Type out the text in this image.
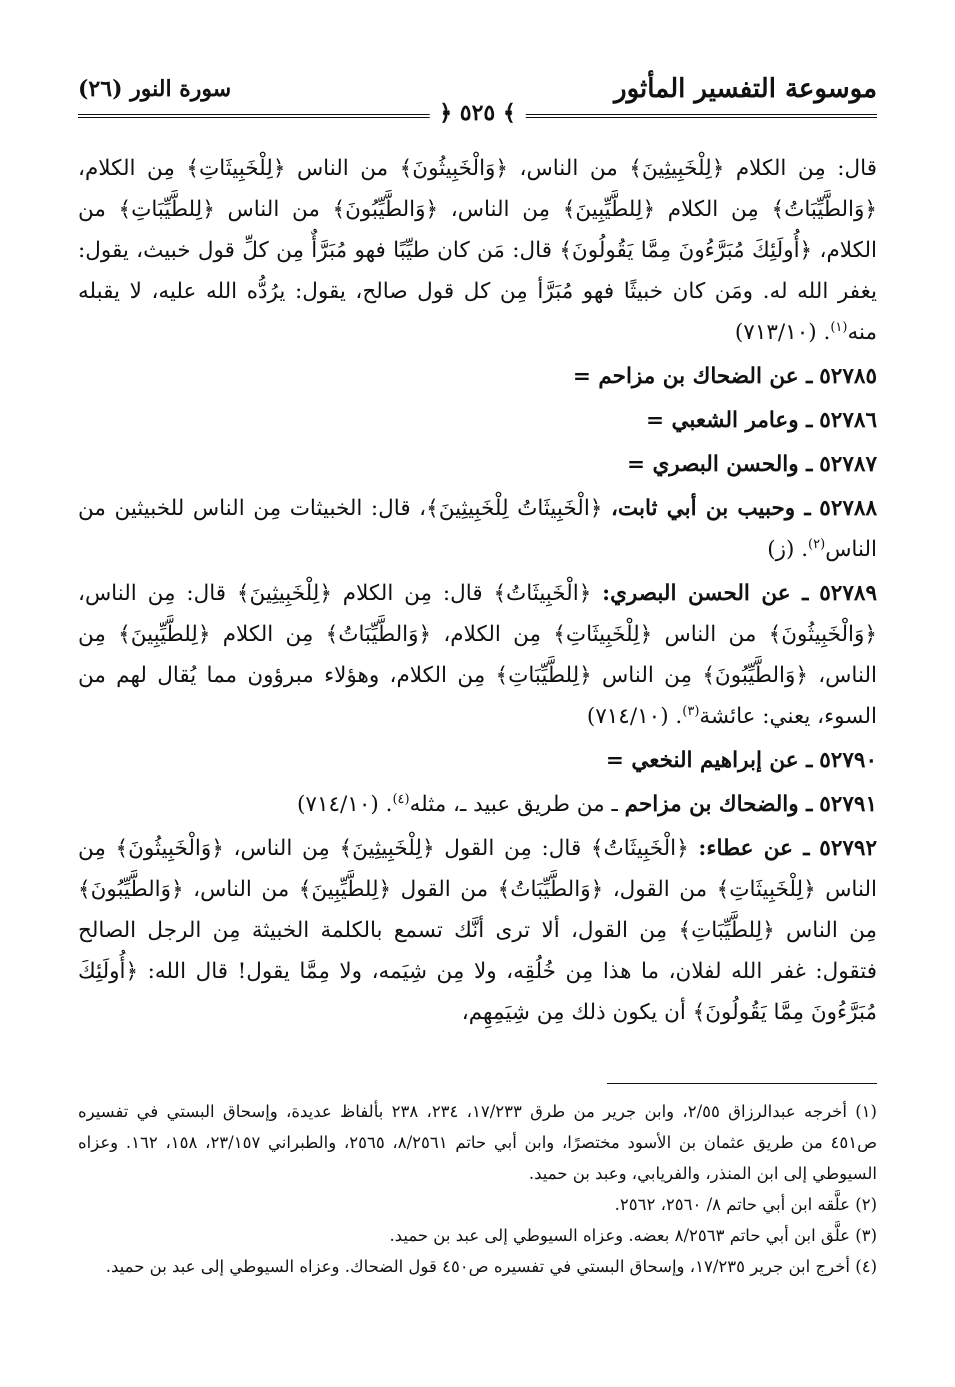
موسوعة التفسير المأثور
سورة النور (٢٦)
﴾ ٥٢٥ ﴿

قال: مِن الكلام ﴿لِلْخَبِيثِينَ﴾ من الناس، ﴿وَالْخَبِيثُونَ﴾ من الناس ﴿لِلْخَبِيثَاتِ﴾ مِن الكلام، ﴿وَالطَّيِّبَاتُ﴾ مِن الكلام ﴿لِلطَّيِّبِينَ﴾ مِن الناس، ﴿وَالطَّيِّبُونَ﴾ من الناس ﴿لِلطَّيِّبَاتِ﴾ من الكلام، ﴿أُولَئِكَ مُبَرَّءُونَ مِمَّا يَقُولُونَ﴾ قال: مَن كان طيِّبًا فهو مُبَرَّأٌ مِن كلِّ قول خبيث، يقول: يغفر الله له. ومَن كان خبيثًا فهو مُبَرَّأ مِن كل قول صالح، يقول: يرُدُّه الله عليه، لا يقبله منه$^{(١)}$. (٧١٣/١٠)

٥٢٧٨٥ ـ عن الضحاك بن مزاحم =

٥٢٧٨٦ ـ وعامر الشعبي =

٥٢٧٨٧ ـ والحسن البصري =

٥٢٧٨٨ ـ وحبيب بن أبي ثابت، ﴿الْخَبِيثَاتُ لِلْخَبِيثِينَ﴾، قال: الخبيثات مِن الناس للخبيثين من الناس$^{(٢)}$. (ز)

٥٢٧٨٩ ـ عن الحسن البصري: ﴿الْخَبِيثَاتُ﴾ قال: مِن الكلام ﴿لِلْخَبِيثِينَ﴾ قال: مِن الناس، ﴿وَالْخَبِيثُونَ﴾ من الناس ﴿لِلْخَبِيثَاتِ﴾ مِن الكلام، ﴿وَالطَّيِّبَاتُ﴾ مِن الكلام ﴿لِلطَّيِّبِينَ﴾ مِن الناس، ﴿وَالطَّيِّبُونَ﴾ مِن الناس ﴿لِلطَّيِّبَاتِ﴾ مِن الكلام، وهؤلاء مبرؤون مما يُقال لهم من السوء، يعني: عائشة$^{(٣)}$. (٧١٤/١٠)

٥٢٧٩٠ ـ عن إبراهيم النخعي =

٥٢٧٩١ ـ والضحاك بن مزاحم ـ من طريق عبيد ـ، مثله$^{(٤)}$. (٧١٤/١٠)

٥٢٧٩٢ ـ عن عطاء: ﴿الْخَبِيثَاتُ﴾ قال: مِن القول ﴿لِلْخَبِيثِينَ﴾ مِن الناس، ﴿وَالْخَبِيثُونَ﴾ مِن الناس ﴿لِلْخَبِيثَاتِ﴾ من القول، ﴿وَالطَّيِّبَاتُ﴾ من القول ﴿لِلطَّيِّبِينَ﴾ من الناس، ﴿وَالطَّيِّبُونَ﴾ مِن الناس ﴿لِلطَّيِّبَاتِ﴾ مِن القول، ألا ترى أنَّك تسمع بالكلمة الخبيثة مِن الرجل الصالح فتقول: غفر الله لفلان، ما هذا مِن خُلُقِه، ولا مِن شِيَمه، ولا مِمَّا يقول! قال الله: ﴿أُولَئِكَ مُبَرَّءُونَ مِمَّا يَقُولُونَ﴾ أن يكون ذلك مِن شِيَمِهِم،

(١) أخرجه عبدالرزاق ٢/٥٥، وابن جرير من طرق ١٧/٢٣٣، ٢٣٤، ٢٣٨ بألفاظ عديدة، وإسحاق البستي في تفسيره ص٤٥١ من طريق عثمان بن الأسود مختصرًا، وابن أبي حاتم ٨/٢٥٦١، ٢٥٦٥، والطبراني ٢٣/١٥٧، ١٥٨، ١٦٢. وعزاه السيوطي إلى ابن المنذر، والفريابي، وعبد بن حميد.

(٢) علَّقه ابن أبي حاتم ٨/ ٢٥٦٠، ٢٥٦٢.

(٣) علَّق ابن أبي حاتم ٨/٢٥٦٣ بعضه. وعزاه السيوطي إلى عبد بن حميد.

(٤) أخرج ابن جرير ١٧/٢٣٥، وإسحاق البستي في تفسيره ص٤٥٠ قول الضحاك. وعزاه السيوطي إلى عبد بن حميد.
